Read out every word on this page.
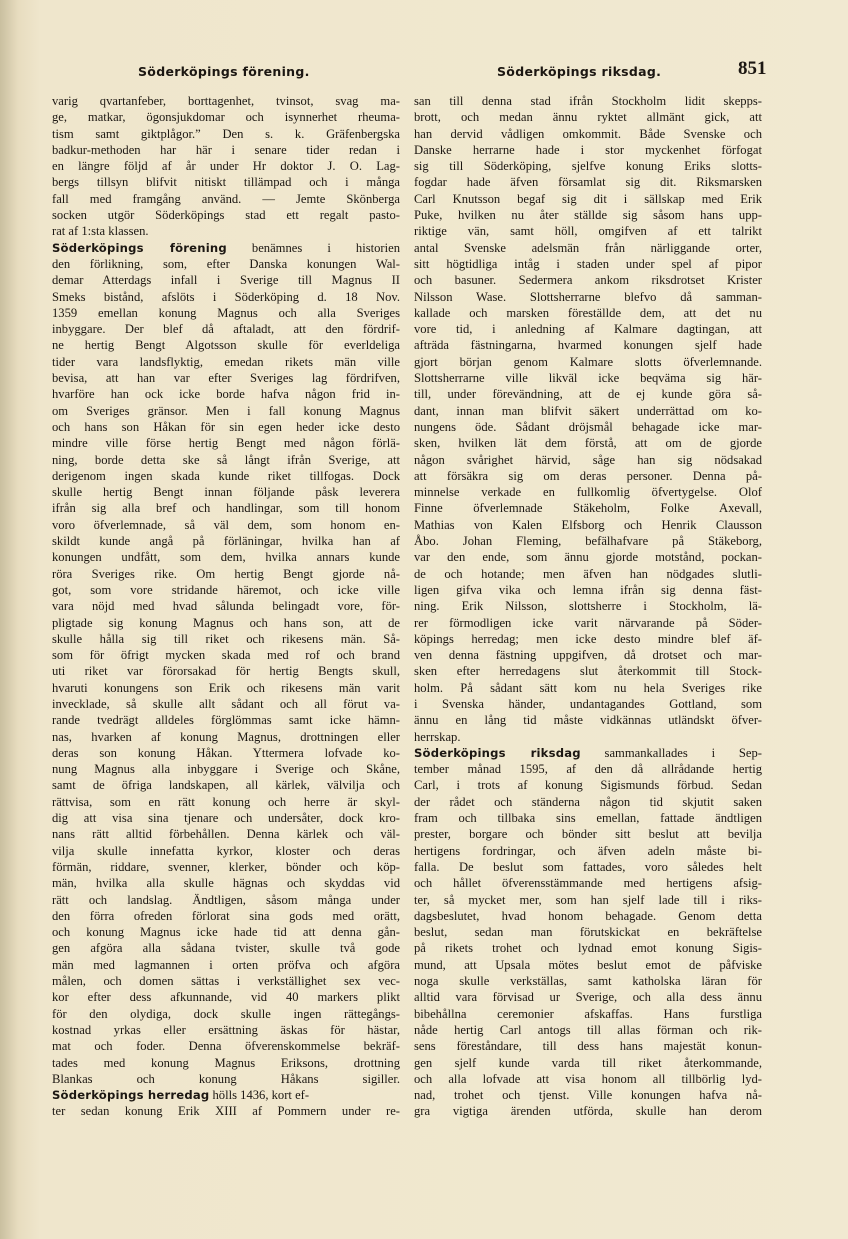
Söderköpings förening.	Söderköpings riksdag.	851
varig qvartanfeber, borttagenhet, tvinsot, svag ma-
ge, matkar, ögonsjukdomar och isynnerhet rheuma-
tism samt giktplågor.” Den s. k. Gräfenbergska
badkur-methoden har här i senare tider redan i
en längre följd af år under Hr doktor J. O. Lag-
bergs tillsyn blifvit nitiskt tillämpad och i många
fall med framgång använd. — Jemte Skönberga
socken utgör Söderköpings stad ett regalt pasto-
rat af 1:sta klassen.
Söderköpings förening benämnes i historien
den förlikning, som, efter Danska konungen Wal-
demar Atterdags infall i Sverige till Magnus II
Smeks bistånd, afslöts i Söderköping d. 18 Nov.
1359 emellan konung Magnus och alla Sveriges
inbyggare. Der blef då aftaladt, att den fördrif-
ne hertig Bengt Algotsson skulle för everldeliga
tider vara landsflyktig, emedan rikets män ville
bevisa, att han var efter Sveriges lag fördrifven,
hvarföre han ock icke borde hafva någon frid in-
om Sveriges gränsor. Men i fall konung Magnus
och hans son Håkan för sin egen heder icke desto
mindre ville förse hertig Bengt med någon förlä-
ning, borde detta ske så långt ifrån Sverige, att
derigenom ingen skada kunde riket tillfogas. Dock
skulle hertig Bengt innan följande påsk leverera
ifrån sig alla bref och handlingar, som till honom
voro öfverlemnade, så väl dem, som honom en-
skildt kunde angå på förläningar, hvilka han af
konungen undfått, som dem, hvilka annars kunde
röra Sveriges rike. Om hertig Bengt gjorde nå-
got, som vore stridande häremot, och icke ville
vara nöjd med hvad sålunda belingadt vore, för-
pligtade sig konung Magnus och hans son, att de
skulle hålla sig till riket och rikesens män. Så-
som för öfrigt mycken skada med rof och brand
uti riket var förorsakad för hertig Bengts skull,
hvaruti konungens son Erik och rikesens män varit
invecklade, så skulle allt sådant och all förut va-
rande tvedrägt alldeles förglömmas samt icke hämn-
nas, hvarken af konung Magnus, drottningen eller
deras son konung Håkan. Yttermera lofvade ko-
nung Magnus alla inbyggare i Sverige och Skåne,
samt de öfriga landskapen, all kärlek, välvilja och
rättvisa, som en rätt konung och herre är skyl-
dig att visa sina tjenare och undersåter, dock kro-
nans rätt alltid förbehållen. Denna kärlek och väl-
vilja skulle innefatta kyrkor, kloster och deras
förmän, riddare, svenner, klerker, bönder och köp-
män, hvilka alla skulle hägnas och skyddas vid
rätt och landslag. Ändtligen, såsom många under
den förra ofreden förlorat sina gods med orätt,
och konung Magnus icke hade tid att denna gån-
gen afgöra alla sådana tvister, skulle två gode
män med lagmannen i orten pröfva och afgöra
målen, och domen sättas i verkställighet sex vec-
kor efter dess afkunnande, vid 40 markers plikt
för den olydiga, dock skulle ingen rättegångs-
kostnad yrkas eller ersättning äskas för hästar,
mat och foder. Denna öfverenskommelse bekräf-
tades med konung Magnus Eriksons, drottning
Blankas och konung Håkans sigiller.
Söderköpings herredag hölls 1436, kort ef-
ter sedan konung Erik XIII af Pommern under re-
san till denna stad ifrån Stockholm lidit skepps-
brott, och medan ännu ryktet allmänt gick, att
han dervid vådligen omkommit. Både Svenske och
Danske herrarne hade i stor myckenhet förfogat
sig till Söderköping, sjelfve konung Eriks slotts-
fogdar hade äfven församlat sig dit. Riksmarsken
Carl Knutsson begaf sig dit i sällskap med Erik
Puke, hvilken nu åter ställde sig såsom hans upp-
riktige vän, samt höll, omgifven af ett talrikt
antal Svenske adelsmän från närliggande orter,
sitt högtidliga intåg i staden under spel af pipor
och basuner. Sedermera ankom riksdrotset Krister
Nilsson Wase. Slottsherrarne blefvo då samman-
kallade och marsken föreställde dem, att det nu
vore tid, i anledning af Kalmare dagtingan, att
afträda fästningarna, hvarmed konungen sjelf hade
gjort början genom Kalmare slotts öfverlemnande.
Slottsherrarne ville likväl icke beqväma sig här-
till, under förevändning, att de ej kunde göra så-
dant, innan man blifvit säkert underrättad om ko-
nungens öde. Sådant dröjsmål behagade icke mar-
sken, hvilken lät dem förstå, att om de gjorde
någon svårighet härvid, såge han sig nödsakad
att försäkra sig om deras personer. Denna på-
minnelse verkade en fullkomlig öfvertygelse. Olof
Finne öfverlemnade Stäkeholm, Folke Axevall,
Mathias von Kalen Elfsborg och Henrik Clausson
Åbo. Johan Fleming, befälhafvare på Stäkeborg,
var den ende, som ännu gjorde motstånd, pockan-
de och hotande; men äfven han nödgades slutli-
ligen gifva vika och lemna ifrån sig denna fäst-
ning. Erik Nilsson, slottsherre i Stockholm, lä-
rer förmodligen icke varit närvarande på Söder-
köpings herredag; men icke desto mindre blef äf-
ven denna fästning uppgifven, då drotset och mar-
sken efter herredagens slut återkommit till Stock-
holm. På sådant sätt kom nu hela Sveriges rike
i Svenska händer, undantagandes Gottland, som
ännu en lång tid måste vidkännas utländskt öfver-
herrskap.
Söderköpings riksdag sammankallades i Sep-
tember månad 1595, af den då allrådande hertig
Carl, i trots af konung Sigismunds förbud. Sedan
der rådet och ständerna någon tid skjutit saken
fram och tillbaka sins emellan, fattade ändtligen
prester, borgare och bönder sitt beslut att bevilja
hertigens fordringar, och äfven adeln måste bi-
falla. De beslut som fattades, voro således helt
och hållet öfverensstämmande med hertigens afsig-
ter, så mycket mer, som han sjelf lade till i riks-
dagsbeslutet, hvad honom behagade. Genom detta
beslut, sedan man förutskickat en bekräftelse
på rikets trohet och lydnad emot konung Sigis-
mund, att Upsala mötes beslut emot de påfviske
noga skulle verkställas, samt katholska läran för
alltid vara förvisad ur Sverige, och alla dess ännu
bibehållna ceremonier afskaffas. Hans furstliga
nåde hertig Carl antogs till allas förman och rik-
sens föreståndare, till dess hans majestät konun-
gen sjelf kunde varda till riket återkommande,
och alla lofvade att visa honom all tillbörlig lyd-
nad, trohet och tjenst. Ville konungen hafva nå-
gra vigtiga ärenden utförda, skulle han derom
